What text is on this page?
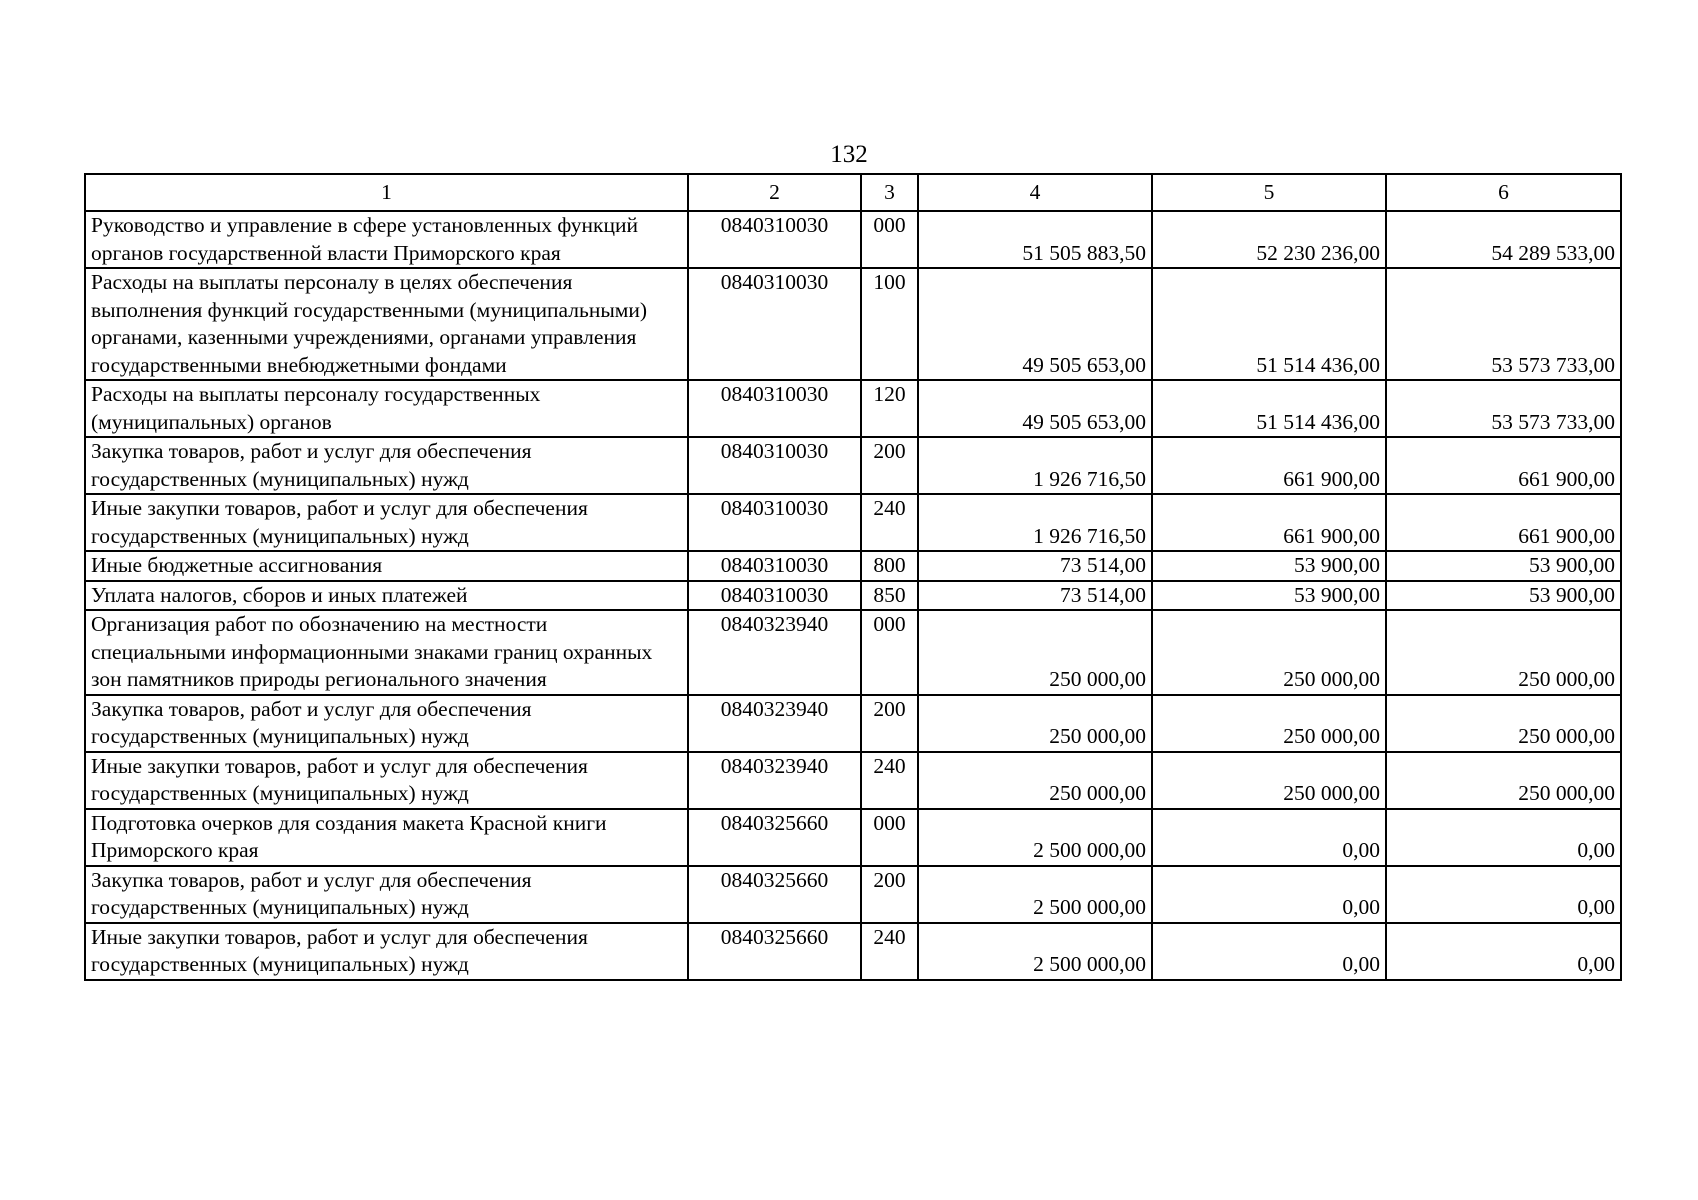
132
1	2	3	4	5	6
Руководство и управление в сфере установленных функций органов государственной власти Приморского края	0840310030	000	51 505 883,50	52 230 236,00	54 289 533,00
Расходы на выплаты персоналу в целях обеспечения выполнения функций государственными (муниципальными) органами, казенными учреждениями, органами управления государственными внебюджетными фондами	0840310030	100	49 505 653,00	51 514 436,00	53 573 733,00
Расходы на выплаты персоналу государственных (муниципальных) органов	0840310030	120	49 505 653,00	51 514 436,00	53 573 733,00
Закупка товаров, работ и услуг для обеспечения государственных (муниципальных) нужд	0840310030	200	1 926 716,50	661 900,00	661 900,00
Иные закупки товаров, работ и услуг для обеспечения государственных (муниципальных) нужд	0840310030	240	1 926 716,50	661 900,00	661 900,00
Иные бюджетные ассигнования	0840310030	800	73 514,00	53 900,00	53 900,00
Уплата налогов, сборов и иных платежей	0840310030	850	73 514,00	53 900,00	53 900,00
Организация работ по обозначению на местности специальными информационными знаками границ охранных зон памятников природы регионального значения	0840323940	000	250 000,00	250 000,00	250 000,00
Закупка товаров, работ и услуг для обеспечения государственных (муниципальных) нужд	0840323940	200	250 000,00	250 000,00	250 000,00
Иные закупки товаров, работ и услуг для обеспечения государственных (муниципальных) нужд	0840323940	240	250 000,00	250 000,00	250 000,00
Подготовка очерков для создания макета Красной книги Приморского края	0840325660	000	2 500 000,00	0,00	0,00
Закупка товаров, работ и услуг для обеспечения государственных (муниципальных) нужд	0840325660	200	2 500 000,00	0,00	0,00
Иные закупки товаров, работ и услуг для обеспечения государственных (муниципальных) нужд	0840325660	240	2 500 000,00	0,00	0,00
